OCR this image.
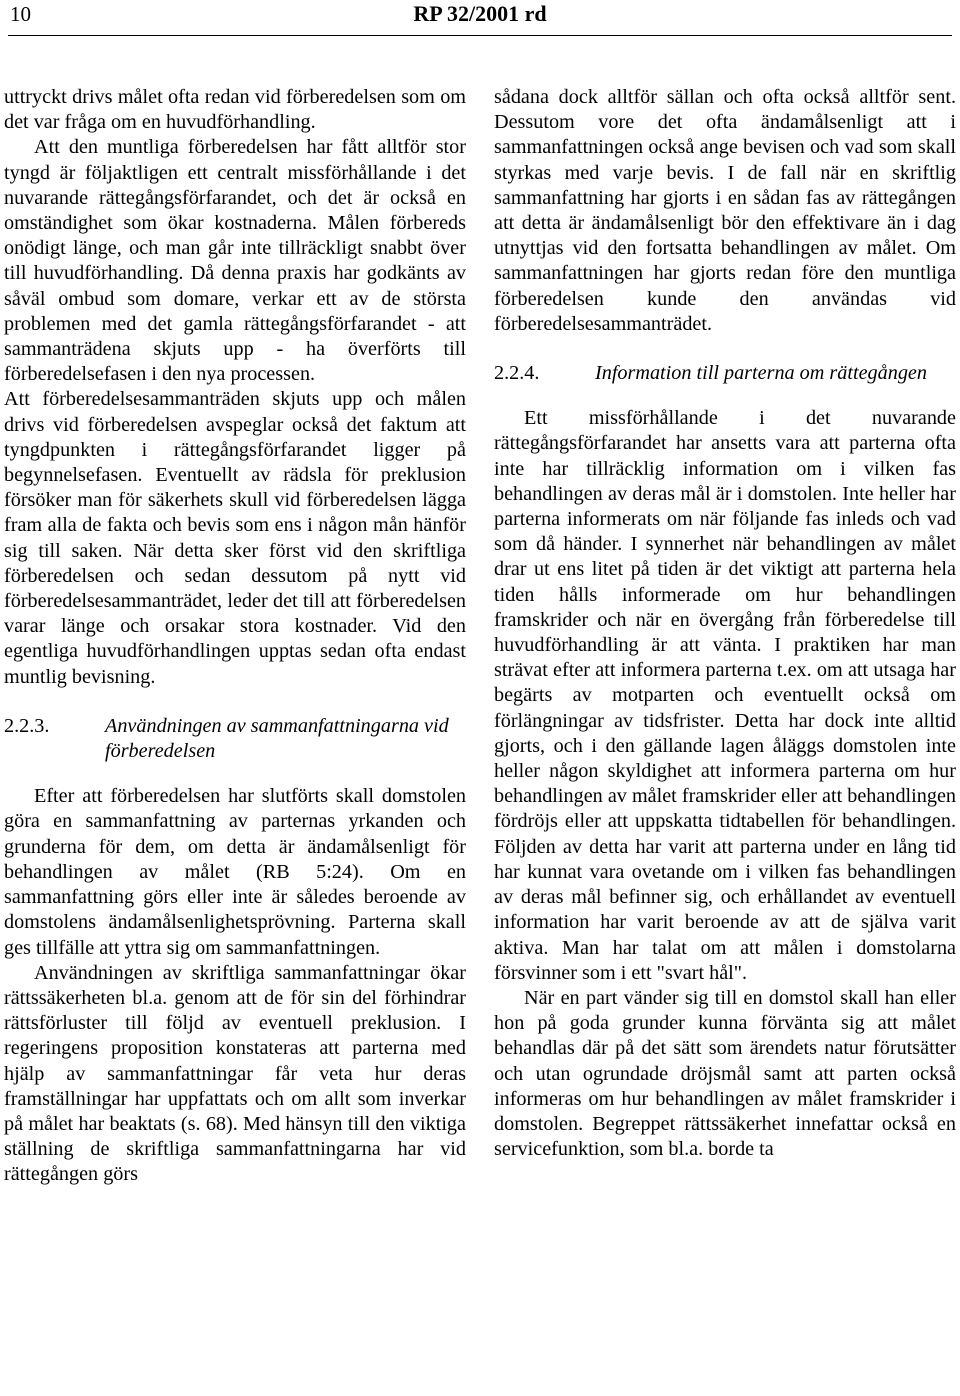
10	RP 32/2001 rd

uttryckt drivs målet ofta redan vid förberedelsen som om det var fråga om en huvudförhandling.

Att den muntliga förberedelsen har fått alltför stor tyngd är följaktligen ett centralt missförhållande i det nuvarande rättegångsförfarandet, och det är också en omständighet som ökar kostnaderna. Målen förbereds onödigt länge, och man går inte tillräckligt snabbt över till huvudförhandling. Då denna praxis har godkänts av såväl ombud som domare, verkar ett av de största problemen med det gamla rättegångsförfarandet - att sammanträdena skjuts upp - ha överförts till förberedelsefasen i den nya processen.

Att förberedelsesammanträden skjuts upp och målen drivs vid förberedelsen avspeglar också det faktum att tyngdpunkten i rättegångsförfarandet ligger på begynnelsefasen. Eventuellt av rädsla för preklusion försöker man för säkerhets skull vid förberedelsen lägga fram alla de fakta och bevis som ens i någon mån hänför sig till saken. När detta sker först vid den skriftliga förberedelsen och sedan dessutom på nytt vid förberedelsesammanträdet, leder det till att förberedelsen varar länge och orsakar stora kostnader. Vid den egentliga huvudförhandlingen upptas sedan ofta endast muntlig bevisning.

2.2.3.	Användningen av sammanfattningarna vid förberedelsen

Efter att förberedelsen har slutförts skall domstolen göra en sammanfattning av parternas yrkanden och grunderna för dem, om detta är ändamålsenligt för behandlingen av målet (RB 5:24). Om en sammanfattning görs eller inte är således beroende av domstolens ändamålsenlighetsprövning. Parterna skall ges tillfälle att yttra sig om sammanfattningen.

Användningen av skriftliga sammanfattningar ökar rättssäkerheten bl.a. genom att de för sin del förhindrar rättsförluster till följd av eventuell preklusion. I regeringens proposition konstateras att parterna med hjälp av sammanfattningar får veta hur deras framställningar har uppfattats och om allt som inverkar på målet har beaktats (s. 68). Med hänsyn till den viktiga ställning de skriftliga sammanfattningarna har vid rättegången görs

sådana dock alltför sällan och ofta också alltför sent. Dessutom vore det ofta ändamålsenligt att i sammanfattningen också ange bevisen och vad som skall styrkas med varje bevis. I de fall när en skriftlig sammanfattning har gjorts i en sådan fas av rättegången att detta är ändamålsenligt bör den effektivare än i dag utnyttjas vid den fortsatta behandlingen av målet. Om sammanfattningen har gjorts redan före den muntliga förberedelsen kunde den användas vid förberedelsesammanträdet.

2.2.4.	Information till parterna om rättegången

Ett missförhållande i det nuvarande rättegångsförfarandet har ansetts vara att parterna ofta inte har tillräcklig information om i vilken fas behandlingen av deras mål är i domstolen. Inte heller har parterna informerats om när följande fas inleds och vad som då händer. I synnerhet när behandlingen av målet drar ut ens litet på tiden är det viktigt att parterna hela tiden hålls informerade om hur behandlingen framskrider och när en övergång från förberedelse till huvudförhandling är att vänta. I praktiken har man strävat efter att informera parterna t.ex. om att utsaga har begärts av motparten och eventuellt också om förlängningar av tidsfrister. Detta har dock inte alltid gjorts, och i den gällande lagen åläggs domstolen inte heller någon skyldighet att informera parterna om hur behandlingen av målet framskrider eller att behandlingen fördröjs eller att uppskatta tidtabellen för behandlingen. Följden av detta har varit att parterna under en lång tid har kunnat vara ovetande om i vilken fas behandlingen av deras mål befinner sig, och erhållandet av eventuell information har varit beroende av att de själva varit aktiva. Man har talat om att målen i domstolarna försvinner som i ett "svart hål".

När en part vänder sig till en domstol skall han eller hon på goda grunder kunna förvänta sig att målet behandlas där på det sätt som ärendets natur förutsätter och utan ogrundade dröjsmål samt att parten också informeras om hur behandlingen av målet framskrider i domstolen. Begreppet rättssäkerhet innefattar också en servicefunktion, som bl.a. borde ta
